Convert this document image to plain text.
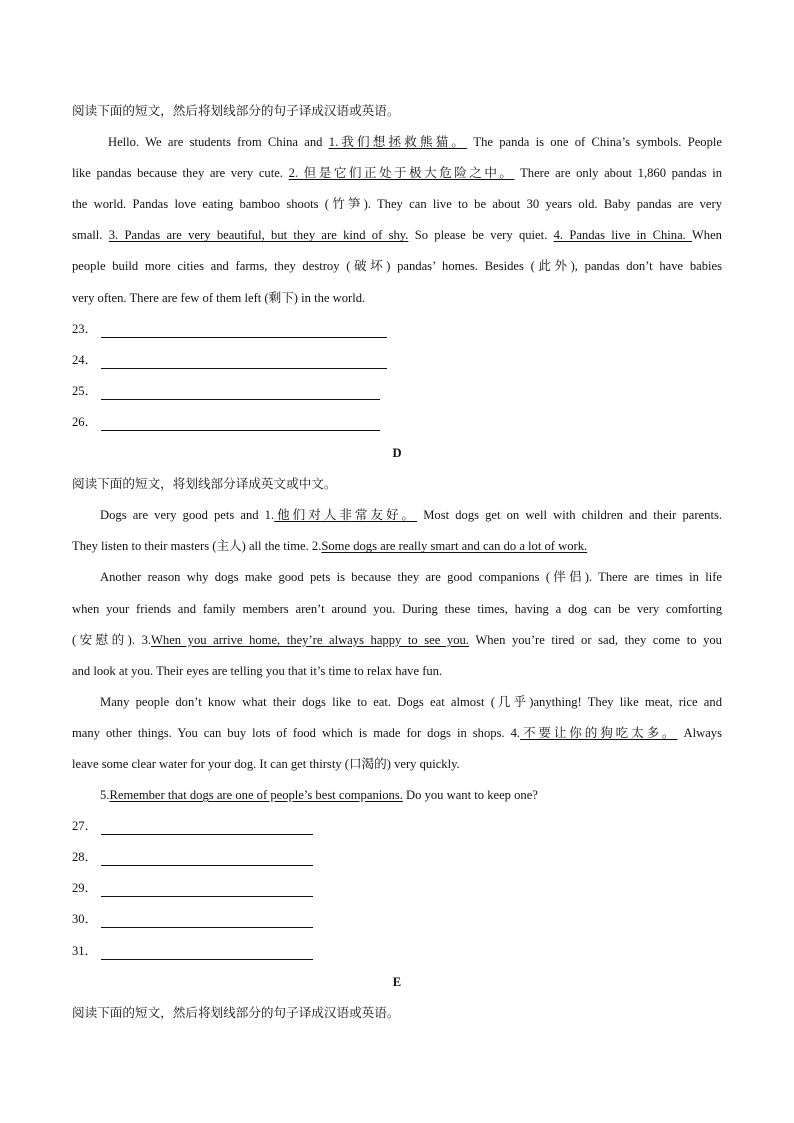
阅读下面的短文，然后将划线部分的句子译成汉语或英语。
Hello. We are students from China and 1.我们想拯救熊猫。 The panda is one of China’s symbols. People
like pandas because they are very cute. 2. 但是它们正处于极大危险之中。 There are only about 1,860 pandas in
the world. Pandas love eating bamboo shoots (竹笋). They can live to be about 30 years old. Baby pandas are very
small. 3. Pandas are very beautiful, but they are kind of shy. So please be very quiet. 4. Pandas live in China. When
people build more cities and farms, they destroy (破坏) pandas’ homes. Besides (此外), pandas don’t have babies
very often. There are few of them left (剩下) in the world.
23．
24．
25．
26．
D
阅读下面的短文，将划线部分译成英文或中文。
Dogs are very good pets and 1.他们对人非常友好。 Most dogs get on well with children and their parents.
They listen to their masters (主人) all the time. 2.Some dogs are really smart and can do a lot of work.
Another reason why dogs make good pets is because they are good companions (伴侣). There are times in life
when your friends and family members aren’t around you. During these times, having a dog can be very comforting
(安慰的). 3.When you arrive home, they’re always happy to see you. When you’re tired or sad, they come to you
and look at you. Their eyes are telling you that it’s time to relax have fun.
Many people don’t know what their dogs like to eat. Dogs eat almost (几乎)anything! They like meat, rice and
many other things. You can buy lots of food which is made for dogs in shops. 4.不要让你的狗吃太多。 Always
leave some clear water for your dog. It can get thirsty (口渴的) very quickly.
5.Remember that dogs are one of people’s best companions. Do you want to keep one?
27．
28．
29．
30．
31．
E
阅读下面的短文，然后将划线部分的句子译成汉语或英语。
